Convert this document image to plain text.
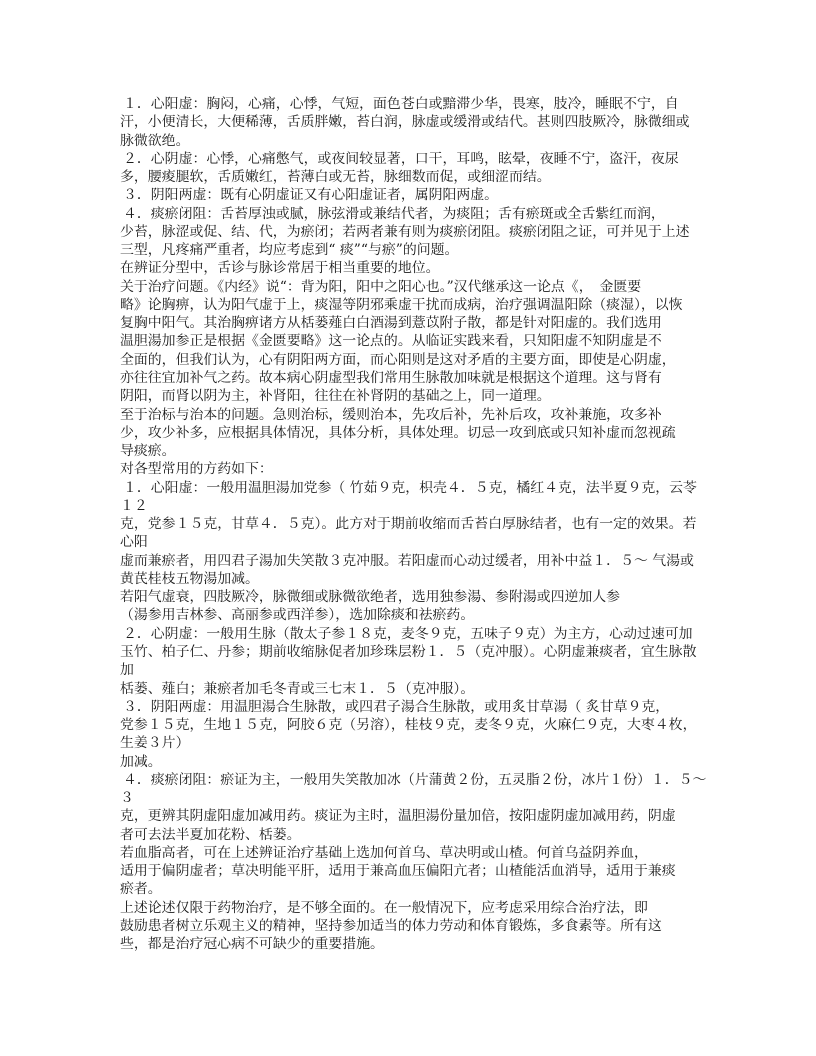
１．心阳虚：胸闷，心痛，心悸，气短，面色苍白或黯滞少华，畏寒，肢冷，睡眠不宁，自
汗，小便清长，大便稀薄，舌质胖嫩，苔白润，脉虚或缓滑或结代。甚则四肢厥冷，脉微细或
脉微欲绝。
２．心阴虚：心悸，心痛憋气，或夜间较显著，口干，耳鸣，眩晕，夜睡不宁，盗汗，夜尿
多，腰痠腿软，舌质嫩红，苔薄白或无苔，脉细数而促，或细涩而结。
３．阴阳两虚：既有心阴虚证又有心阳虚证者，属阴阳两虚。
４．痰瘀闭阻：舌苔厚浊或腻，脉弦滑或兼结代者，为痰阻；舌有瘀斑或全舌紫红而润，
少苔，脉涩或促、结、代，为瘀闭；若两者兼有则为痰瘀闭阻。痰瘀闭阻之证，可并见于上述
三型，凡疼痛严重者，均应考虑到“ 痰”“与瘀”的问题。
在辨证分型中，舌诊与脉诊常居于相当重要的地位。
关于治疗问题。《内经》说“：背为阳，阳中之阳心也。”汉代继承这一论点《，　金匮要
略》论胸痹，认为阳气虚于上，痰湿等阴邪乘虚干扰而成病，治疗强调温阳除（痰湿），以恢
复胸中阳气。其治胸痹诸方从栝蒌薤白白酒湯到薏苡附子散，都是针对阳虚的。我们选用
温胆湯加参正是根据《金匮要略》这一论点的。从临证实践来看，只知阳虚不知阴虚是不
全面的，但我们认为，心有阴阳两方面，而心阳则是这对矛盾的主要方面，即使是心阴虚，
亦往往宜加补气之药。故本病心阴虚型我们常用生脉散加味就是根据这个道理。这与肾有
阴阳，而肾以阴为主，补肾阳，往往在补肾阴的基础之上，同一道理。
至于治标与治本的问题。急则治标，缓则治本，先攻后补，先补后攻，攻补兼施，攻多补
少，攻少补多，应根据具体情况，具体分析，具体处理。切忌一攻到底或只知补虚而忽视疏
导痰瘀。
对各型常用的方药如下：
１．心阳虚：一般用温胆湯加党参（ 竹茹９克，枳壳４．５克，橘红４克，法半夏９克，云苓
１２
克，党参１５克，甘草４．５克）。此方对于期前收缩而舌苔白厚脉结者，也有一定的效果。若
心阳
虚而兼瘀者，用四君子湯加失笑散３克冲服。若阳虚而心动过缓者，用补中益１．５～ 气湯或
黄芪桂枝五物湯加减。
若阳气虚衰，四肢厥冷，脉微细或脉微欲绝者，选用独参湯、参附湯或四逆加人参
（湯参用吉林参、高丽参或西洋参），选加除痰和祛瘀药。
２．心阴虚：一般用生脉（散太子参１８克，麦冬９克，五味子９克）为主方，心动过速可加
玉竹、柏子仁、丹参；期前收缩脉促者加珍珠层粉１．５（克冲服）。心阴虚兼痰者，宜生脉散
加
栝蒌、薤白；兼瘀者加毛冬青或三七末１．５（克冲服）。
３．阴阳两虚：用温胆湯合生脉散，或四君子湯合生脉散，或用炙甘草湯（ 炙甘草９克，
党参１５克，生地１５克，阿胶６克（另溶），桂枝９克，麦冬９克，火麻仁９克，大枣４枚，
生姜３片）
加减。
４．痰瘀闭阻：瘀证为主，一般用失笑散加冰（片蒲黄２份，五灵脂２份，冰片１份）１．５～
３
克，更辨其阴虚阳虚加减用药。痰证为主时，温胆湯份量加倍，按阳虚阴虚加减用药，阴虚
者可去法半夏加花粉、栝蒌。
若血脂高者，可在上述辨证治疗基础上选加何首乌、草决明或山楂。何首乌益阴养血，
适用于偏阴虚者；草决明能平肝，适用于兼高血压偏阳亢者；山楂能活血消导，适用于兼痰
瘀者。
上述论述仅限于药物治疗，是不够全面的。在一般情况下，应考虑采用综合治疗法，即
鼓励患者树立乐观主义的精神，坚持参加适当的体力劳动和体育锻炼，多食素等。所有这
些，都是治疗冠心病不可缺少的重要措施。
